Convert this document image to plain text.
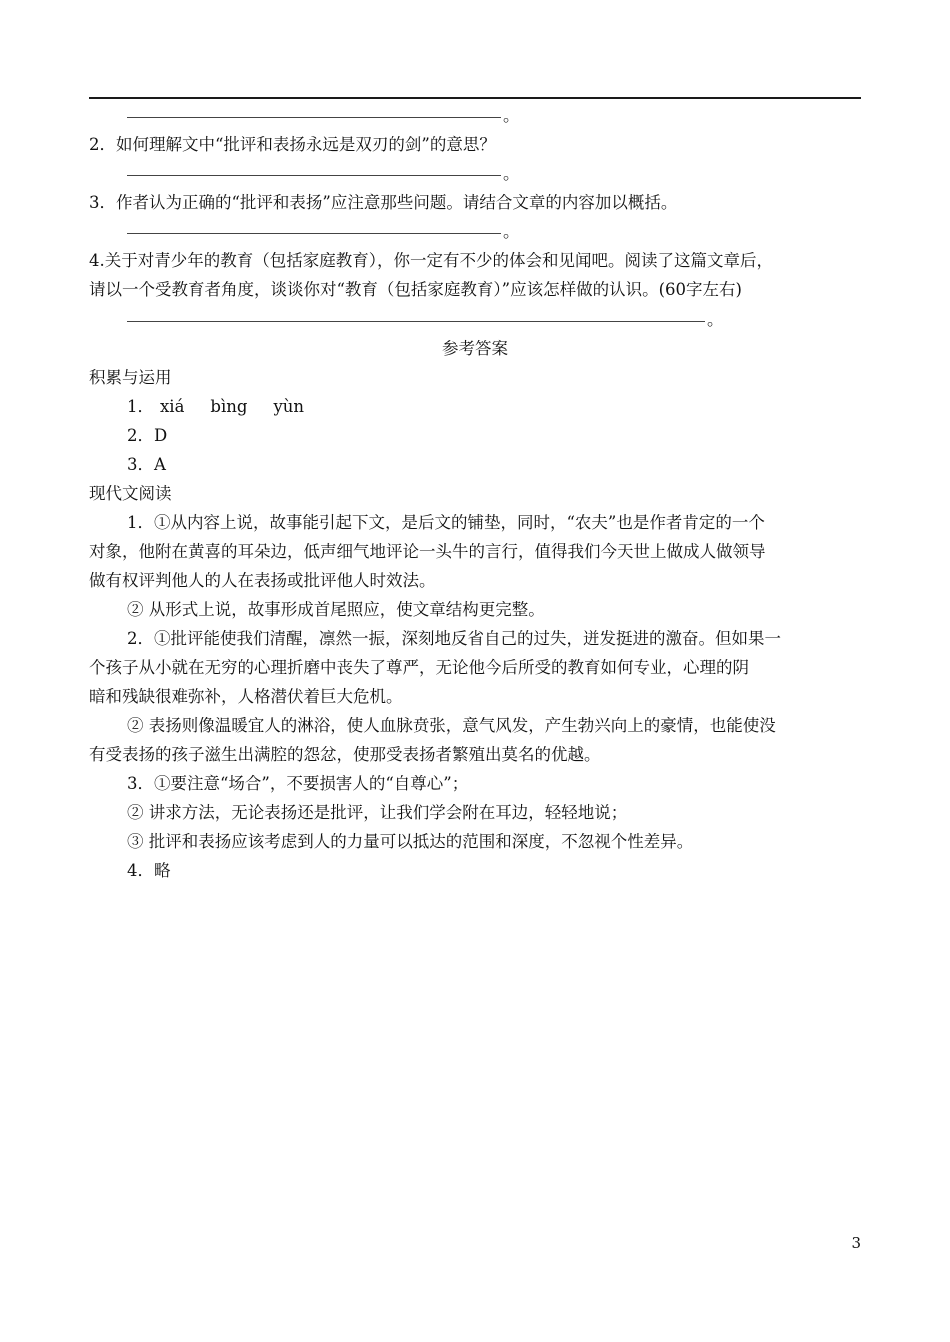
。
2．如何理解文中“批评和表扬永远是双刃的剑”的意思？
。
3．作者认为正确的“批评和表扬”应注意那些问题。请结合文章的内容加以概括。
。
4.关于对青少年的教育（包括家庭教育），你一定有不少的体会和见闻吧。阅读了这篇文章后，
请以一个受教育者角度，谈谈你对“教育（包括家庭教育）”应该怎样做的认识。(60字左右)
。
参考答案
积累与运用
1． xiá bìng yùn
2．D
3．A
现代文阅读
1．①从内容上说，故事能引起下文，是后文的铺垫，同时，“农夫”也是作者肯定的一个
对象，他附在黄喜的耳朵边，低声细气地评论一头牛的言行，值得我们今天世上做成人做领导
做有权评判他人的人在表扬或批评他人时效法。
② 从形式上说，故事形成首尾照应，使文章结构更完整。
2．①批评能使我们清醒，凛然一振，深刻地反省自己的过失，迸发挺进的激奋。但如果一
个孩子从小就在无穷的心理折磨中丧失了尊严，无论他今后所受的教育如何专业，心理的阴
暗和残缺很难弥补，人格潜伏着巨大危机。
② 表扬则像温暖宜人的淋浴，使人血脉贲张，意气风发，产生勃兴向上的豪情，也能使没
有受表扬的孩子滋生出满腔的怨忿，使那受表扬者繁殖出莫名的优越。
3．①要注意“场合”，不要损害人的“自尊心”；
② 讲求方法，无论表扬还是批评，让我们学会附在耳边，轻轻地说；
③ 批评和表扬应该考虑到人的力量可以抵达的范围和深度，不忽视个性差异。
4．略
3
